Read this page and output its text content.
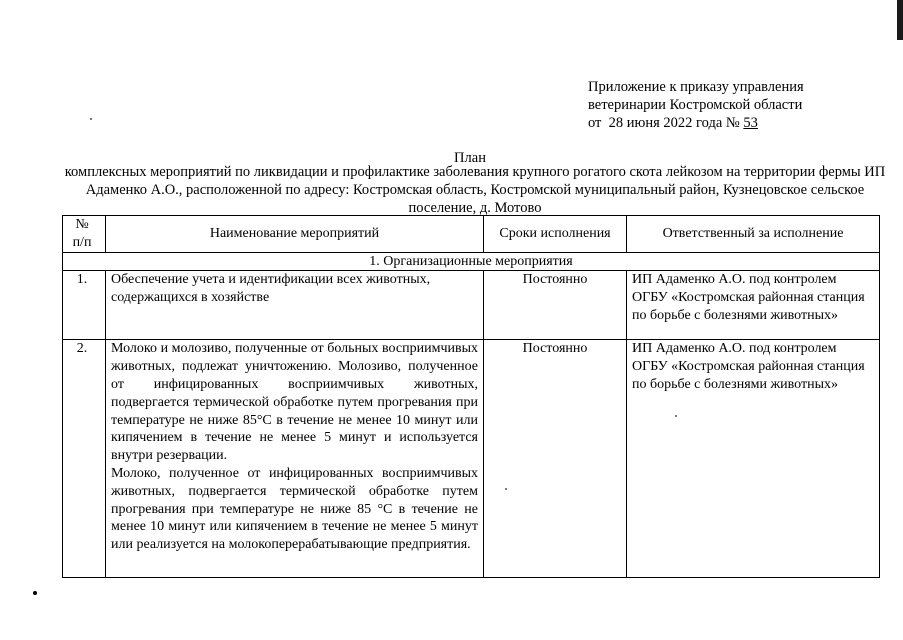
Приложение к приказу управления
ветеринарии Костромской области
от  28 июня 2022 года № 53
План
комплексных мероприятий по ликвидации и профилактике заболевания крупного рогатого скота лейкозом на территории фермы ИП Адаменко А.О., расположенной по адресу: Костромская область, Костромской муниципальный район, Кузнецовское сельское поселение, д. Мотово
№
п/п	Наименование мероприятий	Сроки исполнения	Ответственный за исполнение
1. Организационные мероприятия			
1.	Обеспечение учета и идентификации всех животных, содержащихся в хозяйстве	Постоянно	ИП Адаменко А.О. под контролем ОГБУ «Костромская районная станция по борьбе с болезнями животных»
2.	Молоко и молозиво, полученные от больных восприимчивых животных, подлежат уничтожению. Молозиво, полученное от инфицированных восприимчивых животных, подвергается термической обработке путем прогревания при температуре не ниже 85°С в течение не менее 10 минут или кипячением в течение не менее 5 минут и используется внутри резервации.
Молоко, полученное от инфицированных восприимчивых животных, подвергается термической обработке путем прогревания при температуре не ниже 85 °С в течение не менее 10 минут или кипячением в течение не менее 5 минут или реализуется на молокоперерабатывающие предприятия.	Постоянно	ИП Адаменко А.О. под контролем ОГБУ «Костромская районная станция по борьбе с болезнями животных»
